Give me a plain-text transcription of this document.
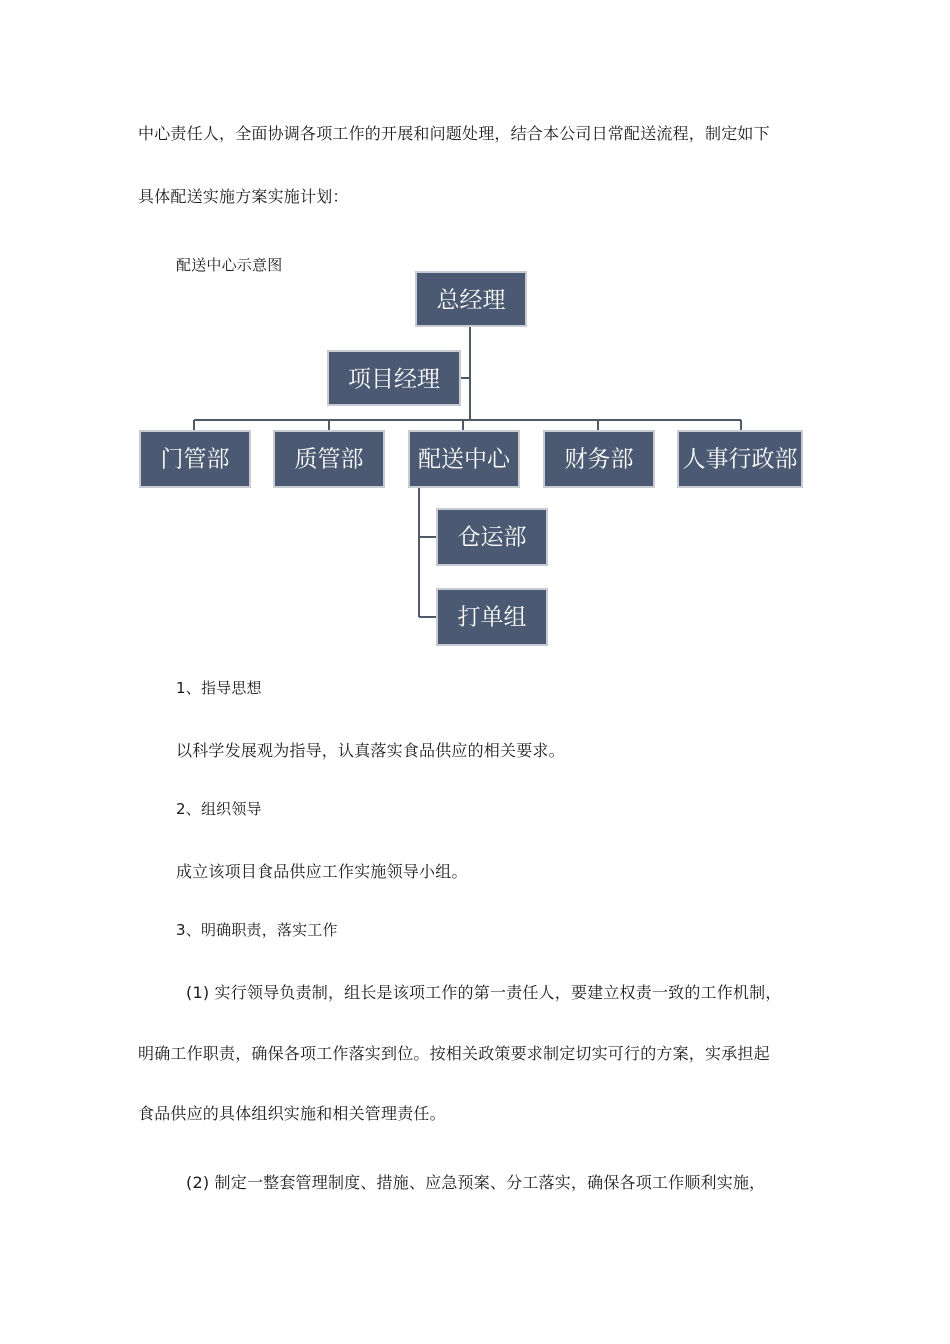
中心责任人，全面协调各项工作的开展和问题处理，结合本公司日常配送流程，制定如下
具体配送实施方案实施计划：
配送中心示意图
总经理
项目经理
门管部	质管部 配送中心 财务部 人事行政部
仓运部
打单组
1、指导思想
以科学发展观为指导，认真落实食品供应的相关要求。
2、组织领导
成立该项目食品供应工作实施领导小组。
3、明确职责，落实工作
(1) 实行领导负责制，组长是该项工作的第一责任人，要建立权责一致的工作机制，
明确工作职责，确保各项工作落实到位。按相关政策要求制定切实可行的方案，实承担起
食品供应的具体组织实施和相关管理责任。
(2) 制定一整套管理制度、措施、应急预案、分工落实，确保各项工作顺利实施，
